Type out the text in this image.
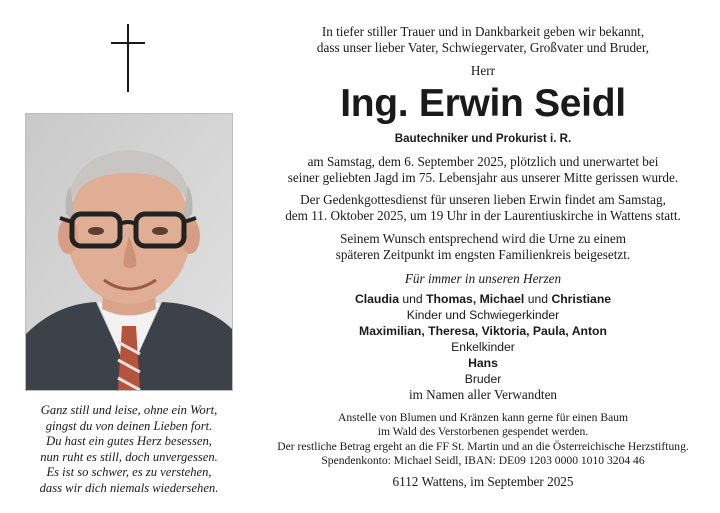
Ganz still und leise, ohne ein Wort,
gingst du von deinen Lieben fort.
Du hast ein gutes Herz besessen,
nun ruht es still, doch unvergessen.
Es ist so schwer, es zu verstehen,
dass wir dich niemals wiedersehen.
In tiefer stiller Trauer und in Dankbarkeit geben wir bekannt,
dass unser lieber Vater, Schwiegervater, Großvater und Bruder,
Herr
Ing. Erwin Seidl
Bautechniker und Prokurist i. R.
am Samstag, dem 6. September 2025, plötzlich und unerwartet bei
seiner geliebten Jagd im 75. Lebensjahr aus unserer Mitte gerissen wurde.
Der Gedenkgottesdienst für unseren lieben Erwin findet am Samstag,
dem 11. Oktober 2025, um 19 Uhr in der Laurentiuskirche in Wattens statt.
Seinem Wunsch entsprechend wird die Urne zu einem
späteren Zeitpunkt im engsten Familienkreis beigesetzt.
Für immer in unseren Herzen
Claudia und Thomas, Michael und Christiane
Kinder und Schwiegerkinder
Maximilian, Theresa, Viktoria, Paula, Anton
Enkelkinder
Hans
Bruder
im Namen aller Verwandten
Anstelle von Blumen und Kränzen kann gerne für einen Baum
im Wald des Verstorbenen gespendet werden.
Der restliche Betrag ergeht an die FF St. Martin und an die Österreichische Herzstiftung.
Spendenkonto: Michael Seidl, IBAN: DE09 1203 0000 1010 3204 46
6112 Wattens, im September 2025
